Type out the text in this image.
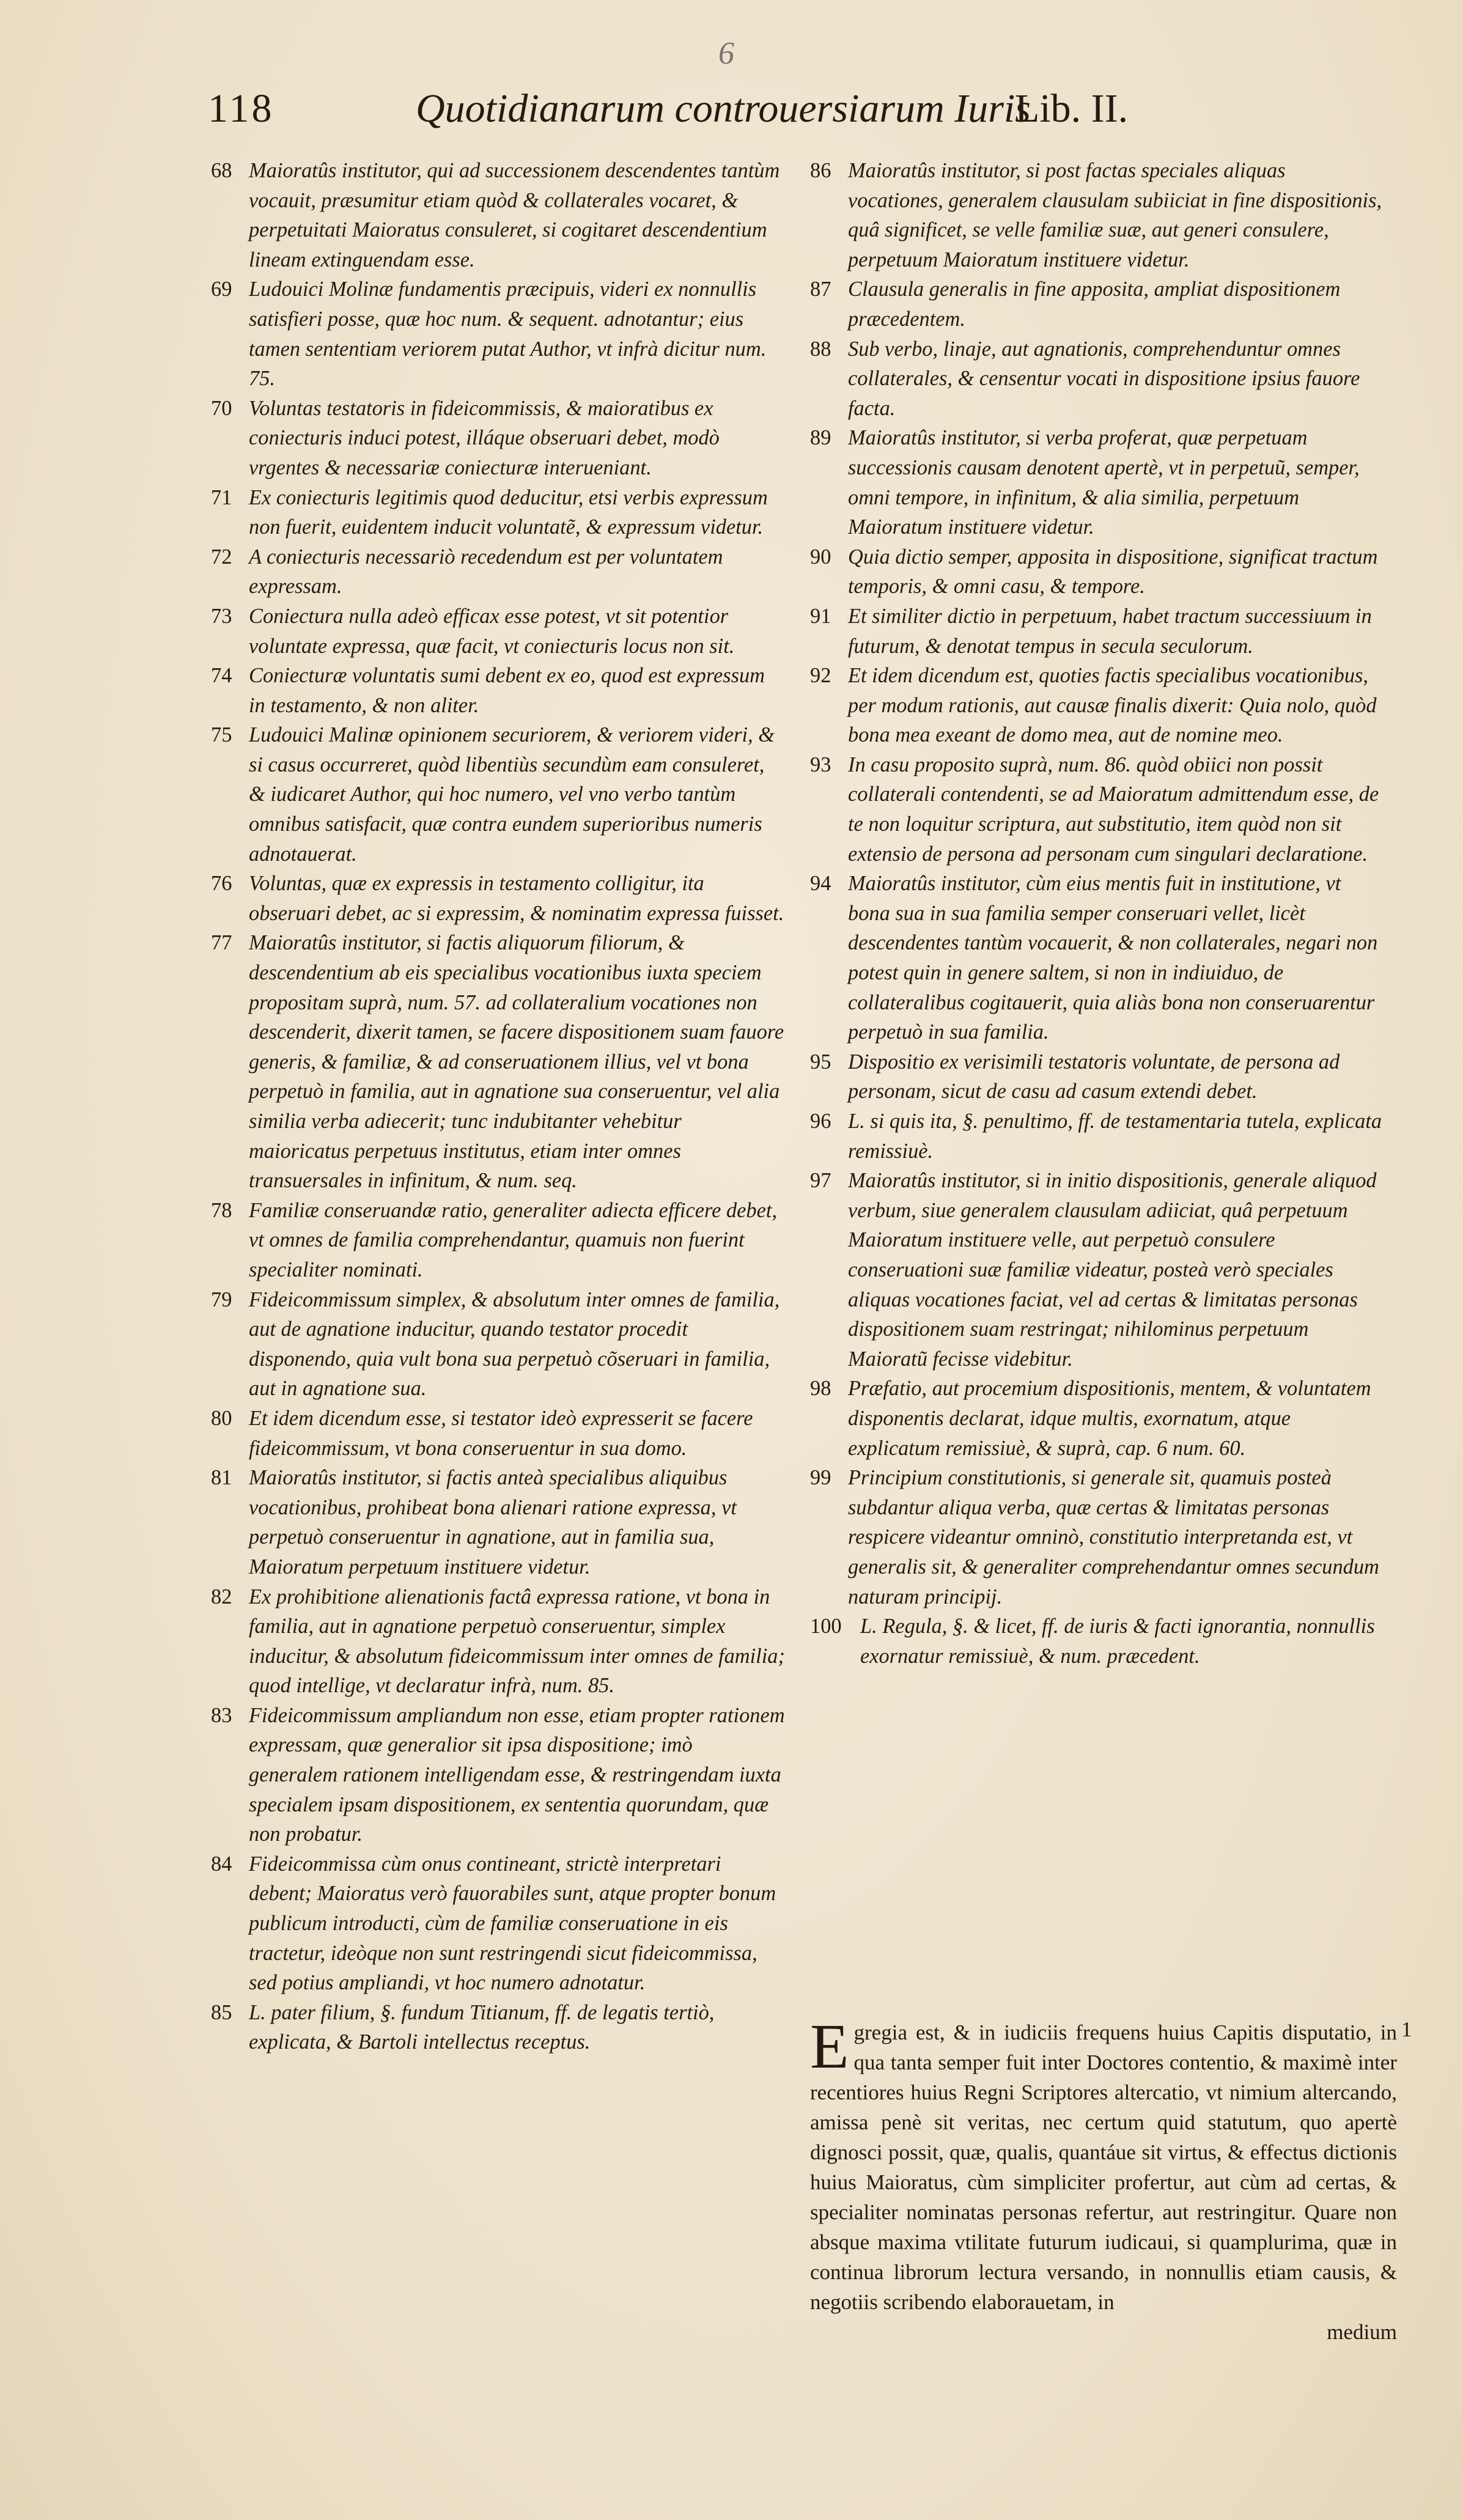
6
118	Quotidianarum controuersiarum Iuris
Lib. II.
68 Maioratûs institutor, qui ad successionem descendentes tantùm vocauit, præsumitur etiam quòd & collaterales vocaret, & perpetuitati Maioratus consuleret, si cogitaret descendentium lineam extinguendam esse.
69 Ludouici Molinæ fundamentis præcipuis, videri ex nonnullis satisfieri posse, quæ hoc num. & sequent. adnotantur; eius tamen sententiam veriorem putat Author, vt infrà dicitur num. 75.
70 Voluntas testatoris in fideicommissis, & maioratibus ex coniecturis induci potest, illáque obseruari debet, modò vrgentes & necessariæ coniecturæ interueniant.
71 Ex coniecturis legitimis quod deducitur, etsi verbis expressum non fuerit, euidentem inducit voluntatẽ, & expressum videtur.
72 A coniecturis necessariò recedendum est per voluntatem expressam.
73 Coniectura nulla adeò efficax esse potest, vt sit potentior voluntate expressa, quæ facit, vt coniecturis locus non sit.
74 Coniecturæ voluntatis sumi debent ex eo, quod est expressum in testamento, & non aliter.
75 Ludouici Malinæ opinionem securiorem, & veriorem videri, & si casus occurreret, quòd libentiùs secundùm eam consuleret, & iudicaret Author, qui hoc numero, vel vno verbo tantùm omnibus satisfacit, quæ contra eundem superioribus numeris adnotauerat.
76 Voluntas, quæ ex expressis in testamento colligitur, ita obseruari debet, ac si expressim, & nominatim expressa fuisset.
77 Maioratûs institutor, si factis aliquorum filiorum, & descendentium ab eis specialibus vocationibus iuxta speciem propositam suprà, num. 57. ad collateralium vocationes non descenderit, dixerit tamen, se facere dispositionem suam fauore generis, & familiæ, & ad conseruationem illius, vel vt bona perpetuò in familia, aut in agnatione sua conseruentur, vel alia similia verba adiecerit; tunc indubitanter vehebitur maioricatus perpetuus institutus, etiam inter omnes transuersales in infinitum, & num. seq.
78 Familiæ conseruandæ ratio, generaliter adiecta efficere debet, vt omnes de familia comprehendantur, quamuis non fuerint specialiter nominati.
79 Fideicommissum simplex, & absolutum inter omnes de familia, aut de agnatione inducitur, quando testator procedit disponendo, quia vult bona sua perpetuò cõseruari in familia, aut in agnatione sua.
80 Et idem dicendum esse, si testator ideò expresserit se facere fideicommissum, vt bona conseruentur in sua domo.
81 Maioratûs institutor, si factis anteà specialibus aliquibus vocationibus, prohibeat bona alienari ratione expressa, vt perpetuò conseruentur in agnatione, aut in familia sua, Maioratum perpetuum instituere videtur.
82 Ex prohibitione alienationis factâ expressa ratione, vt bona in familia, aut in agnatione perpetuò conseruentur, simplex inducitur, & absolutum fideicommissum inter omnes de familia; quod intellige, vt declaratur infrà, num. 85.
83 Fideicommissum ampliandum non esse, etiam propter rationem expressam, quæ generalior sit ipsa dispositione; imò generalem rationem intelligendam esse, & restringendam iuxta specialem ipsam dispositionem, ex sententia quorundam, quæ non probatur.
84 Fideicommissa cùm onus contineant, strictè interpretari debent; Maioratus verò fauorabiles sunt, atque propter bonum publicum introducti, cùm de familiæ conseruatione in eis tractetur, ideòque non sunt restringendi sicut fideicommissa, sed potius ampliandi, vt hoc numero adnotatur.
85 L. pater filium, §. fundum Titianum, ff. de legatis tertiò, explicata, & Bartoli intellectus receptus.
86 Maioratûs institutor, si post factas speciales aliquas vocationes, generalem clausulam subiiciat in fine dispositionis, quâ significet, se velle familiæ suæ, aut generi consulere, perpetuum Maioratum instituere videtur.
87 Clausula generalis in fine apposita, ampliat dispositionem præcedentem.
88 Sub verbo, linaje, aut agnationis, comprehenduntur omnes collaterales, & censentur vocati in dispositione ipsius fauore facta.
89 Maioratûs institutor, si verba proferat, quæ perpetuam successionis causam denotent apertè, vt in perpetuũ, semper, omni tempore, in infinitum, & alia similia, perpetuum Maioratum instituere videtur.
90 Quia dictio semper, apposita in dispositione, significat tractum temporis, & omni casu, & tempore.
91 Et similiter dictio in perpetuum, habet tractum successiuum in futurum, & denotat tempus in secula seculorum.
92 Et idem dicendum est, quoties factis specialibus vocationibus, per modum rationis, aut causæ finalis dixerit: Quia nolo, quòd bona mea exeant de domo mea, aut de nomine meo.
93 In casu proposito suprà, num. 86. quòd obiici non possit collaterali contendenti, se ad Maioratum admittendum esse, de te non loquitur scriptura, aut substitutio, item quòd non sit extensio de persona ad personam cum singulari declaratione.
94 Maioratûs institutor, cùm eius mentis fuit in institutione, vt bona sua in sua familia semper conseruari vellet, licèt descendentes tantùm vocauerit, & non collaterales, negari non potest quin in genere saltem, si non in indiuiduo, de collateralibus cogitauerit, quia aliàs bona non conseruarentur perpetuò in sua familia.
95 Dispositio ex verisimili testatoris voluntate, de persona ad personam, sicut de casu ad casum extendi debet.
96 L. si quis ita, §. penultimo, ff. de testamentaria tutela, explicata remissiuè.
97 Maioratûs institutor, si in initio dispositionis, generale aliquod verbum, siue generalem clausulam adiiciat, quâ perpetuum Maioratum instituere velle, aut perpetuò consulere conseruationi suæ familiæ videatur, posteà verò speciales aliquas vocationes faciat, vel ad certas & limitatas personas dispositionem suam restringat; nihilominus perpetuum Maioratũ fecisse videbitur.
98 Præfatio, aut procemium dispositionis, mentem, & voluntatem disponentis declarat, idque multis, exornatum, atque explicatum remissiuè, & suprà, cap. 6 num. 60.
99 Principium constitutionis, si generale sit, quamuis posteà subdantur aliqua verba, quæ certas & limitatas personas respicere videantur omninò, constitutio interpretanda est, vt generalis sit, & generaliter comprehendantur omnes secundum naturam principij.
100 L. Regula, §. & licet, ff. de iuris & facti ignorantia, nonnullis exornatur remissiuè, & num. præcedent.
Egregia est, & in iudiciis frequens huius Capitis disputatio, in qua tanta semper fuit inter Doctores contentio, & maximè inter recentiores huius Regni Scriptores altercatio, vt nimium altercando, amissa penè sit veritas, nec certum quid statutum, quo apertè dignosci possit, quæ, qualis, quantáue sit virtus, & effectus dictionis huius Maioratus, cùm simpliciter profertur, aut cùm ad certas, & specialiter nominatas personas refertur, aut restringitur. Quare non absque maxima vtilitate futurum iudicaui, si quamplurima, quæ in continua librorum lectura versando, in nonnullis etiam causis, & negotiis scribendo elaborauetam, in
medium
1
